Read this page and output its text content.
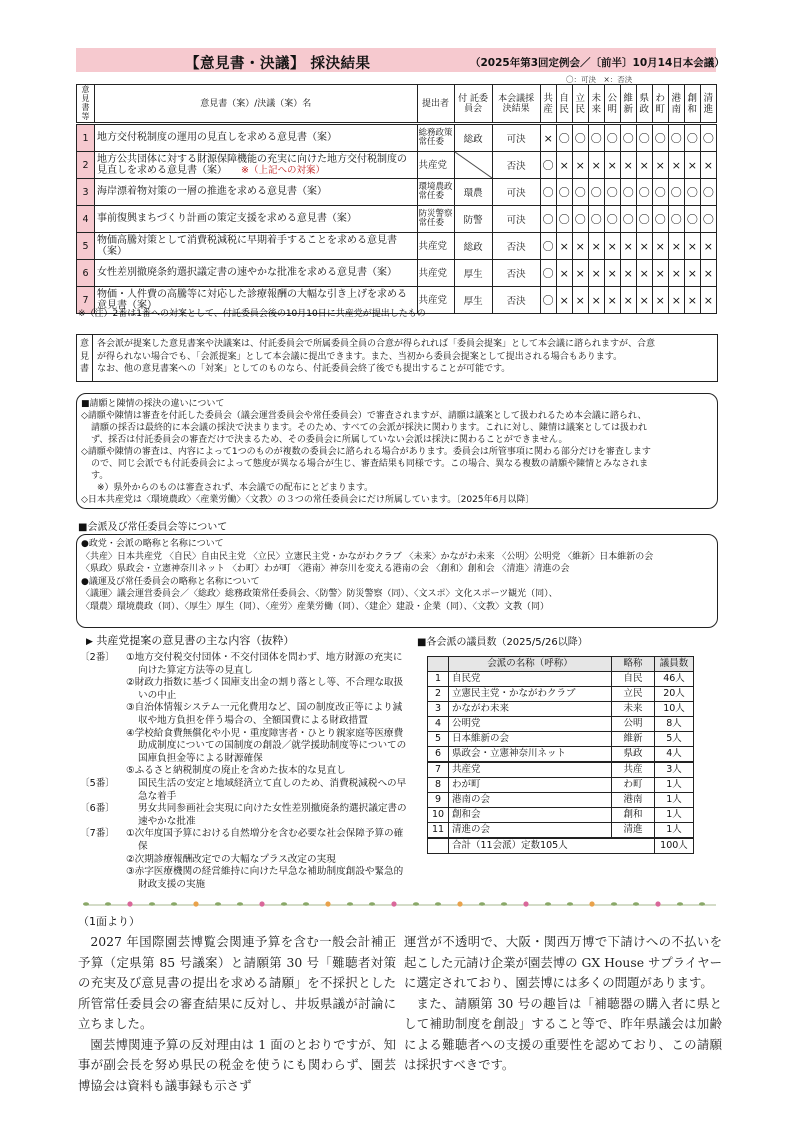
【意見書・決議】 採決結果	（2025年第3回定例会／〔前半〕10月14日本会議）
〇：可決　×：否決
意見書等	意見書（案）/決議（案）名	提出者	付 託委員会	本会議採決結果	共産	自民	立民	未来	公明	維新	県政	わ町	港南	創和	清進
1	地方交付税制度の運用の見直しを求める意見書（案）	総務政策常任委	総政	可決	×	〇	〇	〇	〇	〇	〇	〇	〇	〇	〇
2	地方公共団体に対する財源保障機能の充実に向けた地方交付税制度の見直しを求める意見書（案） ※（上記への対案）	共産党		否決	〇	×	×	×	×	×	×	×	×	×	×
3	海岸漂着物対策の一層の推進を求める意見書（案）	環境農政常任委	環農	可決	〇	〇	〇	〇	〇	〇	〇	〇	〇	〇	〇
4	事前復興まちづくり計画の策定支援を求める意見書（案）	防災警察常任委	防警	可決	〇	〇	〇	〇	〇	〇	〇	〇	〇	〇	〇
5	物価高騰対策として消費税減税に早期着手することを求める意見書（案）	共産党	総政	否決	〇	×	×	×	×	×	×	×	×	×	×
6	女性差別撤廃条約選択議定書の速やかな批准を求める意見書（案）	共産党	厚生	否決	〇	×	×	×	×	×	×	×	×	×	×
7	物価・人件費の高騰等に対応した診療報酬の大幅な引き上げを求める意見書（案）	共産党	厚生	否決	〇	×	×	×	×	×	×	×	×	×	×
※（注）2番は1番への対案として、付託委員会後の10月10日に共産党が提出したもの
意
見
書
各会派が提案した意見書案や決議案は、付託委員会で所属委員全員の合意が得られれば「委員会提案」として本会議に諮られますが、合意
が得られない場合でも、「会派提案」として本会議に提出できます。また、当初から委員会提案として提出される場合もあります。
なお、他の意見書案への「対案」としてのものなら、付託委員会終了後でも提出することが可能です。
■請願と陳情の採決の違いについて
◇請願や陳情は審査を付託した委員会（議会運営委員会や常任委員会）で審査されますが、請願は議案として扱われるため本会議に諮られ、
請願の採否は最終的に本会議の採決で決まります。そのため、すべての会派が採決に関わります。これに対し、陳情は議案としては扱われ
ず、採否は付託委員会の審査だけで決まるため、その委員会に所属していない会派は採決に関わることができません。
◇請願や陳情の審査は、内容によって1つのものが複数の委員会に諮られる場合があります。委員会は所管事項に関わる部分だけを審査します
ので、同じ会派でも付託委員会によって態度が異なる場合が生じ、審査結果も同様です。この場合、異なる複数の請願や陳情とみなされま
す。
※）県外からのものは審査されず、本会議での配布にとどまります。
◇日本共産党は〈環境農政〉〈産業労働〉〈文教〉の３つの常任委員会にだけ所属しています。〔2025年6月以降〕
■会派及び常任委員会等について
●政党・会派の略称と名称について
〈共産〉日本共産党 〈自民〉自由民主党 〈立民〉立憲民主党・かながわクラブ 〈未来〉かながわ未来 〈公明〉公明党 〈維新〉日本維新の会
〈県政〉県政会・立憲神奈川ネット 〈わ町〉わが町 〈港南〉神奈川を変える港南の会 〈創和〉創和会 〈清進〉清進の会
●議運及び常任委員会の略称と名称について
〈議運〉議会運営委員会／〈総政〉総務政策常任委員会、〈防警〉防災警察（同）、〈文スポ〉文化スポーツ観光（同）、
〈環農〉環境農政（同）、〈厚生〉厚生（同）、〈産労〉産業労働（同）、〈建企〉建設・企業（同）、〈文教〉文教（同）
▶ 共産党提案の意見書の主な内容（抜粋）
〔2番〕	①地方交付税交付団体・不交付団体を問わず、地方財源の充実に向けた算定方法等の見直し
②財政力指数に基づく国庫支出金の割り落とし等、不合理な取扱いの中止
③自治体情報システム一元化費用など、国の制度改正等により減収や地方負担を伴う場合の、全額国費による財政措置
④学校給食費無償化や小児・重度障害者・ひとり親家庭等医療費助成制度についての国制度の創設／就学援助制度等についての国庫負担金等による財源確保
⑤ふるさと納税制度の廃止を含めた抜本的な見直し
〔5番〕	国民生活の安定と地域経済立て直しのため、消費税減税への早急な着手
〔6番〕	男女共同参画社会実現に向けた女性差別撤廃条約選択議定書の速やかな批准
〔7番〕	①次年度国予算における自然増分を含む必要な社会保障予算の確保
②次期診療報酬改定での大幅なプラス改定の実現
③赤字医療機関の経営維持に向けた早急な補助制度創設や緊急的財政支援の実施
■各会派の議員数（2025/5/26以降）
	会派の名称（呼称）	略称	議員数
1	自民党	自民	46人
2	立憲民主党・かながわクラブ	立民	20人
3	かながわ未来	未来	10人
4	公明党	公明	8人
5	日本維新の会	維新	5人
6	県政会・立憲神奈川ネット	県政	4人
7	共産党	共産	3人
8	わが町	わ町	1人
9	港南の会	港南	1人
10	創和会	創和	1人
11	清進の会	清進	1人
	合計（11会派）定数105人		100人
（1面より）

2027 年国際園芸博覧会関連予算を含む一般会計補正予算（定県第 85 号議案）と請願第 30 号「難聴者対策の充実及び意見書の提出を求める請願」を不採択とした所管常任委員会の審査結果に反対し、井坂県議が討論に立ちました。

園芸博関連予算の反対理由は 1 面のとおりですが、知事が副会長を努め県民の税金を使うにも関わらず、園芸博協会は資料も議事録も示さず

運営が不透明で、大阪・関西万博で下請けへの不払いを起こした元請け企業が園芸博の GX House サプライヤーに選定されており、園芸博には多くの問題があります。

また、請願第 30 号の趣旨は「補聴器の購入者に県として補助制度を創設」すること等で、昨年県議会は加齢による難聴者への支援の重要性を認めており、この請願は採択すべきです。
